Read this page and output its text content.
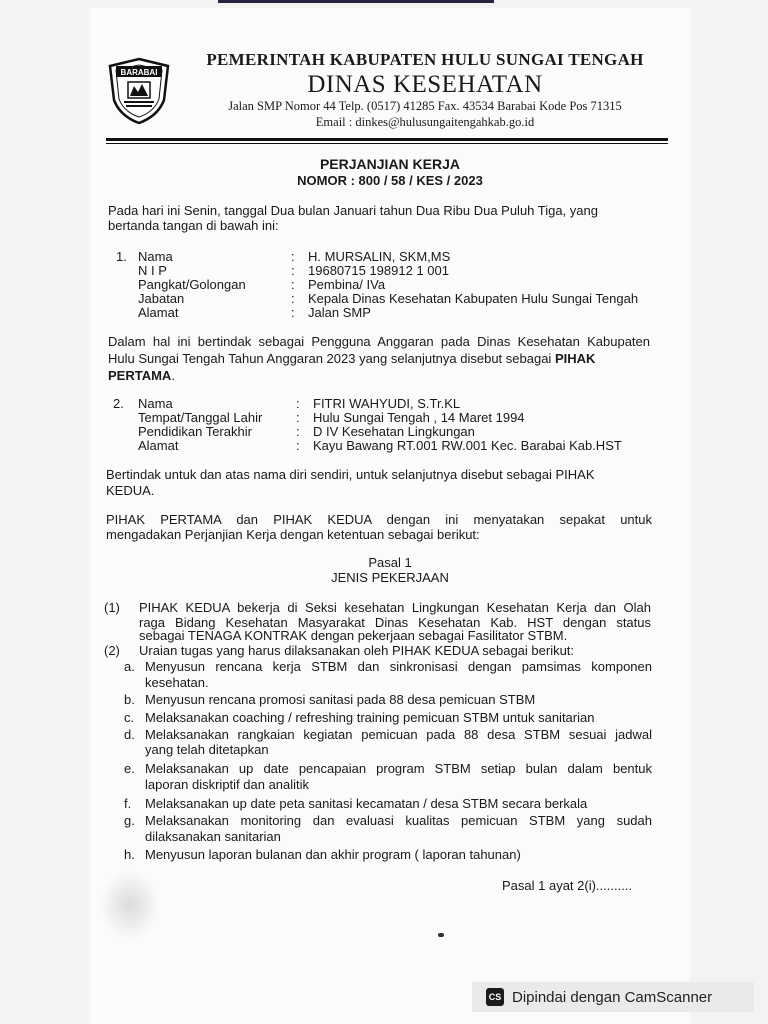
BARABAI
PEMERINTAH KABUPATEN HULU SUNGAI TENGAH
DINAS KESEHATAN
Jalan SMP Nomor 44 Telp. (0517) 41285 Fax. 43534 Barabai Kode Pos 71315
Email : dinkes@hulusungaitengahkab.go.id
PERJANJIAN KERJA
NOMOR : 800 / 58 / KES / 2023
Pada hari ini Senin, tanggal Dua bulan Januari tahun Dua Ribu Dua Puluh Tiga, yang
bertanda tangan di bawah ini:
1. Nama	: H. MURSALIN, SKM,MS
N I P	: 19680715 198912 1 001
Pangkat/Golongan	: Pembina/ IVa
Jabatan	: Kepala Dinas Kesehatan Kabupaten Hulu Sungai Tengah
Alamat	: Jalan SMP
Dalam hal ini bertindak sebagai Pengguna Anggaran pada Dinas Kesehatan Kabupaten
Hulu Sungai Tengah Tahun Anggaran 2023 yang selanjutnya disebut sebagai PIHAK
PERTAMA.
2. Nama	: FITRI WAHYUDI, S.Tr.KL
Tempat/Tanggal Lahir	: Hulu Sungai Tengah , 14 Maret 1994
Pendidikan Terakhir	: D IV Kesehatan Lingkungan
Alamat	: Kayu Bawang RT.001 RW.001 Kec. Barabai Kab.HST
Bertindak untuk dan atas nama diri sendiri, untuk selanjutnya disebut sebagai PIHAK
KEDUA.
PIHAK PERTAMA dan PIHAK KEDUA dengan ini menyatakan sepakat untuk
mengadakan Perjanjian Kerja dengan ketentuan sebagai berikut:
Pasal 1
JENIS PEKERJAAN
(1) PIHAK KEDUA bekerja di Seksi kesehatan Lingkungan Kesehatan Kerja dan Olah
raga Bidang Kesehatan Masyarakat Dinas Kesehatan Kab. HST dengan status
sebagai TENAGA KONTRAK dengan pekerjaan sebagai Fasilitator STBM.
(2) Uraian tugas yang harus dilaksanakan oleh PIHAK KEDUA sebagai berikut:
a. Menyusun rencana kerja STBM dan sinkronisasi dengan pamsimas komponen
kesehatan.
b. Menyusun rencana promosi sanitasi pada 88 desa pemicuan STBM
c. Melaksanakan coaching / refreshing training pemicuan STBM untuk sanitarian
d. Melaksanakan rangkaian kegiatan pemicuan pada 88 desa STBM sesuai jadwal
yang telah ditetapkan
e. Melaksanakan up date pencapaian program STBM setiap bulan dalam bentuk
laporan diskriptif dan analitik
f. Melaksanakan up date peta sanitasi kecamatan / desa STBM secara berkala
g. Melaksanakan monitoring dan evaluasi kualitas pemicuan STBM yang sudah
dilaksanakan sanitarian
h. Menyusun laporan bulanan dan akhir program ( laporan tahunan)
Pasal 1 ayat 2(i)..........
CS Dipindai dengan CamScanner
